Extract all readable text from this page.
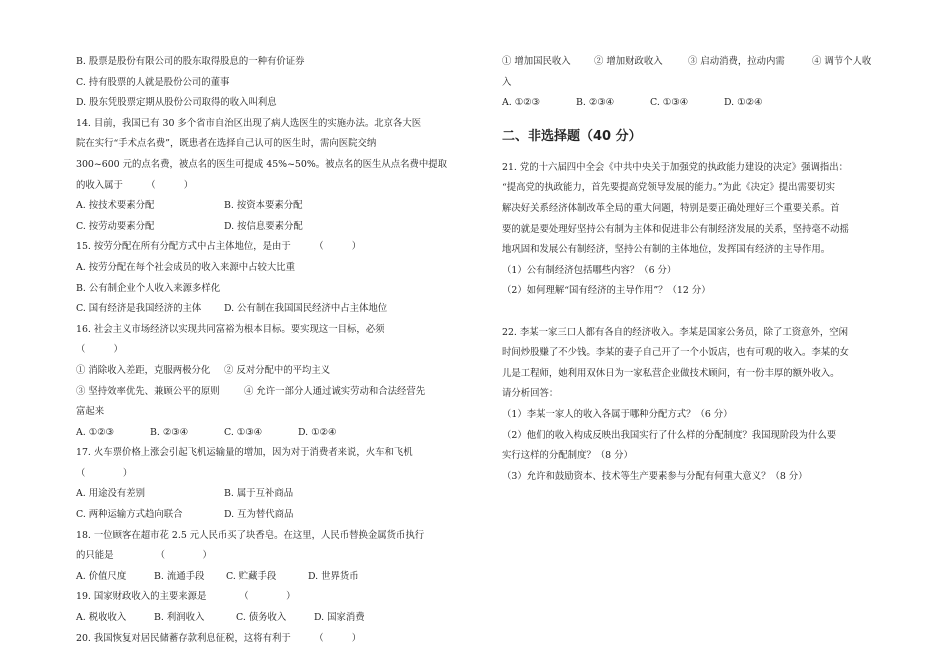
B. 股票是股份有限公司的股东取得股息的一种有价证券
C. 持有股票的人就是股份公司的董事
D. 股东凭股票定期从股份公司取得的收入叫利息
14. 目前，我国已有 30 多个省市自治区出现了病人选医生的实施办法。北京各大医
院在实行“手术点名费”，既患者在选择自己认可的医生时，需向医院交纳
300~600 元的点名费，被点名的医生可提成 45%~50%。被点名的医生从点名费中提取
的收入属于　　　（　　　）
A. 按技术要素分配	B. 按资本要素分配
C. 按劳动要素分配	D. 按信息要素分配
15. 按劳分配在所有分配方式中占主体地位，是由于　　　（　　　）
A. 按劳分配在每个社会成员的收入来源中占较大比重
B. 公有制企业个人收入来源多样化
C. 国有经济是我国经济的主体	D. 公有制在我国国民经济中占主体地位
16. 社会主义市场经济以实现共同富裕为根本目标。要实现这一目标，必须
（　　　）
① 消除收入差距，克服两极分化	② 反对分配中的平均主义
③ 坚持效率优先、兼顾公平的原则	④ 允许一部分人通过诚实劳动和合法经营先
富起来
A. ①②③	B. ②③④	C. ①③④	D. ①②④
17. 火车票价格上涨会引起飞机运输量的增加，因为对于消费者来说，火车和飞机
（　　　　）
A. 用途没有差别	B. 属于互补商品
C. 两种运输方式趋向联合	D. 互为替代商品
18. 一位顾客在超市花 2.5 元人民币买了块香皂。在这里，人民币替换金属货币执行
的只能是　　　　　（　　　　）
A. 价值尺度	B. 流通手段	C. 贮藏手段	D. 世界货币
19. 国家财政收入的主要来源是　　　　（　　　　）
A. 税收收入	B. 利润收入	C. 债务收入	D. 国家消费
20. 我国恢复对居民储蓄存款利息征税，这将有利于　　　（　　　）
① 增加国民收入	② 增加财政收入	③ 启动消费，拉动内需	④ 调节个人收
入
A. ①②③	B. ②③④	C. ①③④	D. ①②④
二、非选择题（40 分）
21. 党的十六届四中全会《中共中央关于加强党的执政能力建设的决定》强调指出：
“提高党的执政能力，首先要提高党领导发展的能力。”为此《决定》提出需要切实
解决好关系经济体制改革全局的重大问题，特别是要正确处理好三个重要关系。首
要的就是要处理好坚持公有制为主体和促进非公有制经济发展的关系，坚持毫不动摇
地巩固和发展公有制经济，坚持公有制的主体地位，发挥国有经济的主导作用。
（1）公有制经济包括哪些内容？（6 分）
（2）如何理解“国有经济的主导作用”？（12 分）
22. 李某一家三口人都有各自的经济收入。李某是国家公务员，除了工资意外，空闲
时间炒股赚了不少钱。李某的妻子自己开了一个小饭店，也有可观的收入。李某的女
儿是工程师，她利用双休日为一家私营企业做技术顾问，有一份丰厚的额外收入。
请分析回答：
（1）李某一家人的收入各属于哪种分配方式？（6 分）
（2）他们的收入构成反映出我国实行了什么样的分配制度？我国现阶段为什么要
实行这样的分配制度？（8 分）
（3）允许和鼓励资本、技术等生产要素参与分配有何重大意义？（8 分）
